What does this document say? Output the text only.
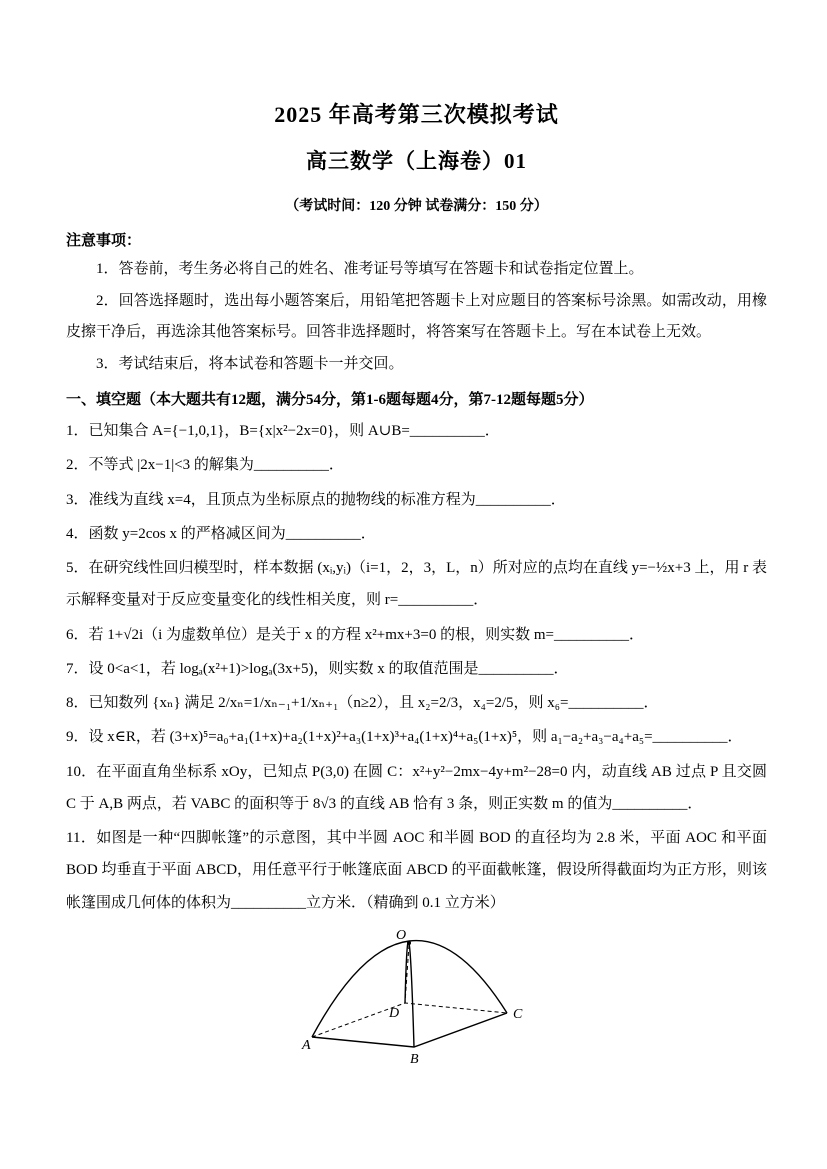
2025 年高考第三次模拟考试
高三数学（上海卷）01
（考试时间：120 分钟 试卷满分：150 分）
注意事项：

1．答卷前，考生务必将自己的姓名、准考证号等填写在答题卡和试卷指定位置上。

2．回答选择题时，选出每小题答案后，用铅笔把答题卡上对应题目的答案标号涂黑。如需改动，用橡皮擦干净后，再选涂其他答案标号。回答非选择题时，将答案写在答题卡上。写在本试卷上无效。

3．考试结束后，将本试卷和答题卡一并交回。

一、填空题（本大题共有12题，满分54分，第1-6题每题4分，第7-12题每题5分）

1．已知集合 A={−1,0,1}，B={x|x²−2x=0}，则 A∪B=__________．

2．不等式 |2x−1|<3 的解集为__________．

3．准线为直线 x=4，且顶点为坐标原点的抛物线的标准方程为__________．

4．函数 y=2cos x 的严格减区间为__________．

5．在研究线性回归模型时，样本数据 (xᵢ,yᵢ)（i=1，2，3，L，n）所对应的点均在直线 y=−½x+3 上，用 r 表示解释变量对于反应变量变化的线性相关度，则 r=__________．

6．若 1+√2i（i 为虚数单位）是关于 x 的方程 x²+mx+3=0 的根，则实数 m=__________．

7．设 0<a<1，若 logₐ(x²+1)>logₐ(3x+5)，则实数 x 的取值范围是__________．

8．已知数列 {xₙ} 满足 2/xₙ=1/xₙ₋₁+1/xₙ₊₁（n≥2），且 x₂=2/3，x₄=2/5，则 x₆=__________．

9．设 x∈R，若 (3+x)⁵=a₀+a₁(1+x)+a₂(1+x)²+a₃(1+x)³+a₄(1+x)⁴+a₅(1+x)⁵，则 a₁−a₂+a₃−a₄+a₅=__________．

10．在平面直角坐标系 xOy，已知点 P(3,0) 在圆 C：x²+y²−2mx−4y+m²−28=0 内，动直线 AB 过点 P 且交圆 C 于 A,B 两点，若 VABC 的面积等于 8√3 的直线 AB 恰有 3 条，则正实数 m 的值为__________．

11．如图是一种“四脚帐篷”的示意图，其中半圆 AOC 和半圆 BOD 的直径均为 2.8 米，平面 AOC 和平面 BOD 均垂直于平面 ABCD，用任意平行于帐篷底面 ABCD 的平面截帐篷，假设所得截面均为正方形，则该帐篷围成几何体的体积为__________立方米．（精确到 0.1 立方米）

O
A
B
C
D
